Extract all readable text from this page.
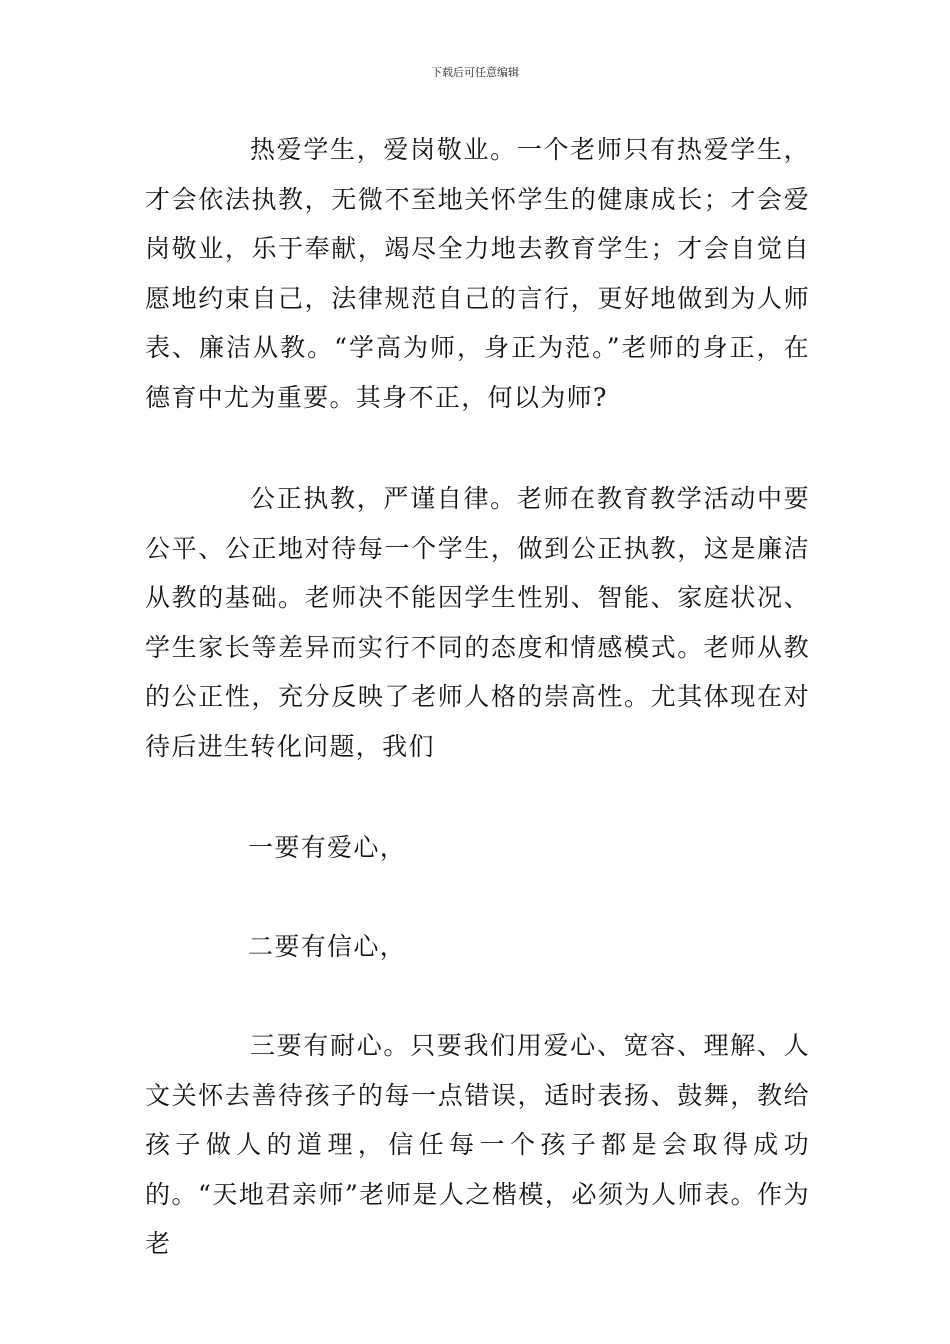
下载后可任意编辑

热爱学生，爱岗敬业。一个老师只有热爱学生，才会依法执教，无微不至地关怀学生的健康成长；才会爱岗敬业，乐于奉献，竭尽全力地去教育学生；才会自觉自愿地约束自己，法律规范自己的言行，更好地做到为人师表、廉洁从教。“学高为师，身正为范。”老师的身正，在德育中尤为重要。其身不正，何以为师?

公正执教，严谨自律。老师在教育教学活动中要公平、公正地对待每一个学生，做到公正执教，这是廉洁从教的基础。老师决不能因学生性别、智能、家庭状况、学生家长等差异而实行不同的态度和情感模式。老师从教的公正性，充分反映了老师人格的崇高性。尤其体现在对待后进生转化问题，我们

一要有爱心，

二要有信心，

三要有耐心。只要我们用爱心、宽容、理解、人文关怀去善待孩子的每一点错误，适时表扬、鼓舞，教给孩子做人的道理，信任每一个孩子都是会取得成功的。“天地君亲师”老师是人之楷模，必须为人师表。作为老
